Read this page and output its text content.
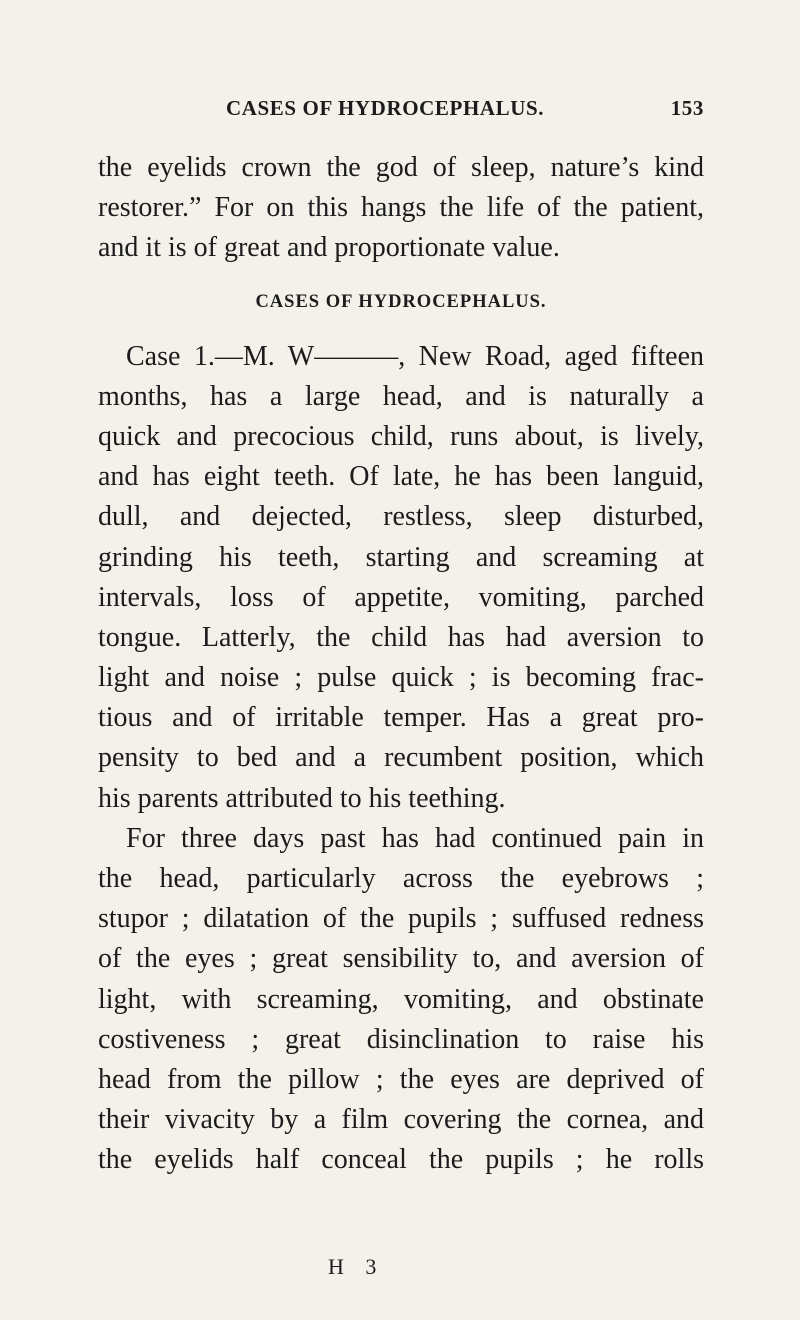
CASES OF HYDROCEPHALUS.	153
the eyelids crown the god of sleep, nature’s kind
restorer.” For on this hangs the life of the patient,
and it is of great and proportionate value.
CASES OF HYDROCEPHALUS.
Case 1.—M. W———, New Road, aged fifteen
months, has a large head, and is naturally a
quick and precocious child, runs about, is lively,
and has eight teeth. Of late, he has been languid,
dull, and dejected, restless, sleep disturbed,
grinding his teeth, starting and screaming at
intervals, loss of appetite, vomiting, parched
tongue. Latterly, the child has had aversion to
light and noise ; pulse quick ; is becoming frac-
tious and of irritable temper. Has a great pro-
pensity to bed and a recumbent position, which
his parents attributed to his teething.
For three days past has had continued pain in
the head, particularly across the eyebrows ;
stupor ; dilatation of the pupils ; suffused redness
of the eyes ; great sensibility to, and aversion of
light, with screaming, vomiting, and obstinate
costiveness ; great disinclination to raise his
head from the pillow ; the eyes are deprived of
their vivacity by a film covering the cornea, and
the eyelids half conceal the pupils ; he rolls
H 3
